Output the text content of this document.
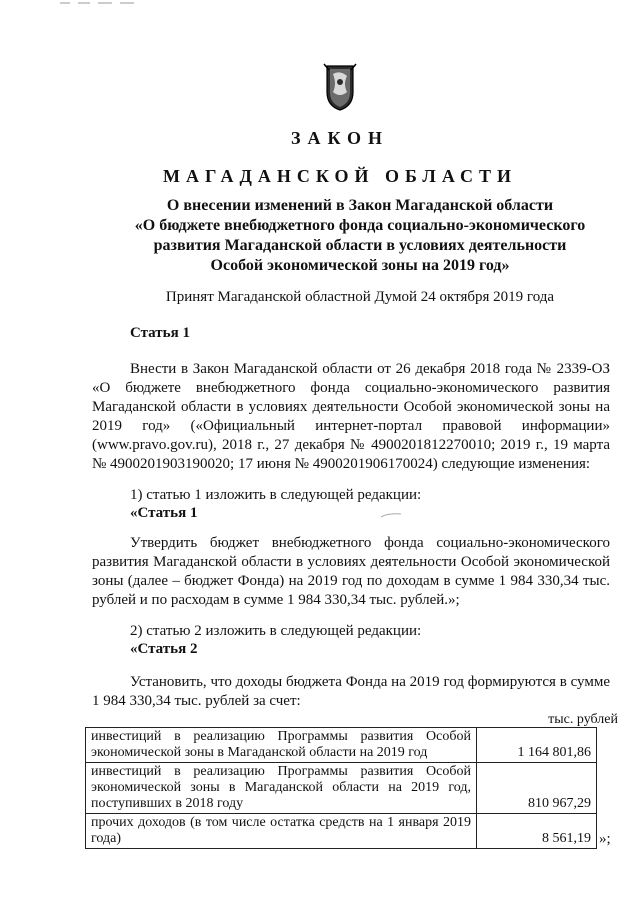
ЗАКОН
МАГАДАНСКОЙ ОБЛАСТИ
О внесении изменений в Закон Магаданской области
«О бюджете внебюджетного фонда социально-экономического
развития Магаданской области в условиях деятельности
Особой экономической зоны на 2019 год»
Принят Магаданской областной Думой 24 октября 2019 года
Статья 1
Внести в Закон Магаданской области от 26 декабря 2018 года № 2339-ОЗ «О бюджете внебюджетного фонда социально-экономического развития Магаданской области в условиях деятельности Особой экономической зоны на 2019 год» («Официальный интернет-портал правовой информации» (www.pravo.gov.ru), 2018 г., 27 декабря № 4900201812270010; 2019 г., 19 марта № 4900201903190020; 17 июня № 4900201906170024) следующие изменения:
1) статью 1 изложить в следующей редакции:
«Статья 1
Утвердить бюджет внебюджетного фонда социально-экономического развития Магаданской области в условиях деятельности Особой экономической зоны (далее – бюджет Фонда) на 2019 год по доходам в сумме 1 984 330,34 тыс. рублей и по расходам в сумме 1 984 330,34 тыс. рублей.»;
2) статью 2 изложить в следующей редакции:
«Статья 2
Установить, что доходы бюджета Фонда на 2019 год формируются в сумме 1 984 330,34 тыс. рублей за счет:
тыс. рублей
инвестиций в реализацию Программы развития Особой экономической зоны в Магаданской области на 2019 год	1 164 801,86
инвестиций в реализацию Программы развития Особой экономической зоны в Магаданской области на 2019 год, поступивших в 2018 году	810 967,29
прочих доходов (в том числе остатка средств на 1 января 2019 года)	8 561,19 »;
